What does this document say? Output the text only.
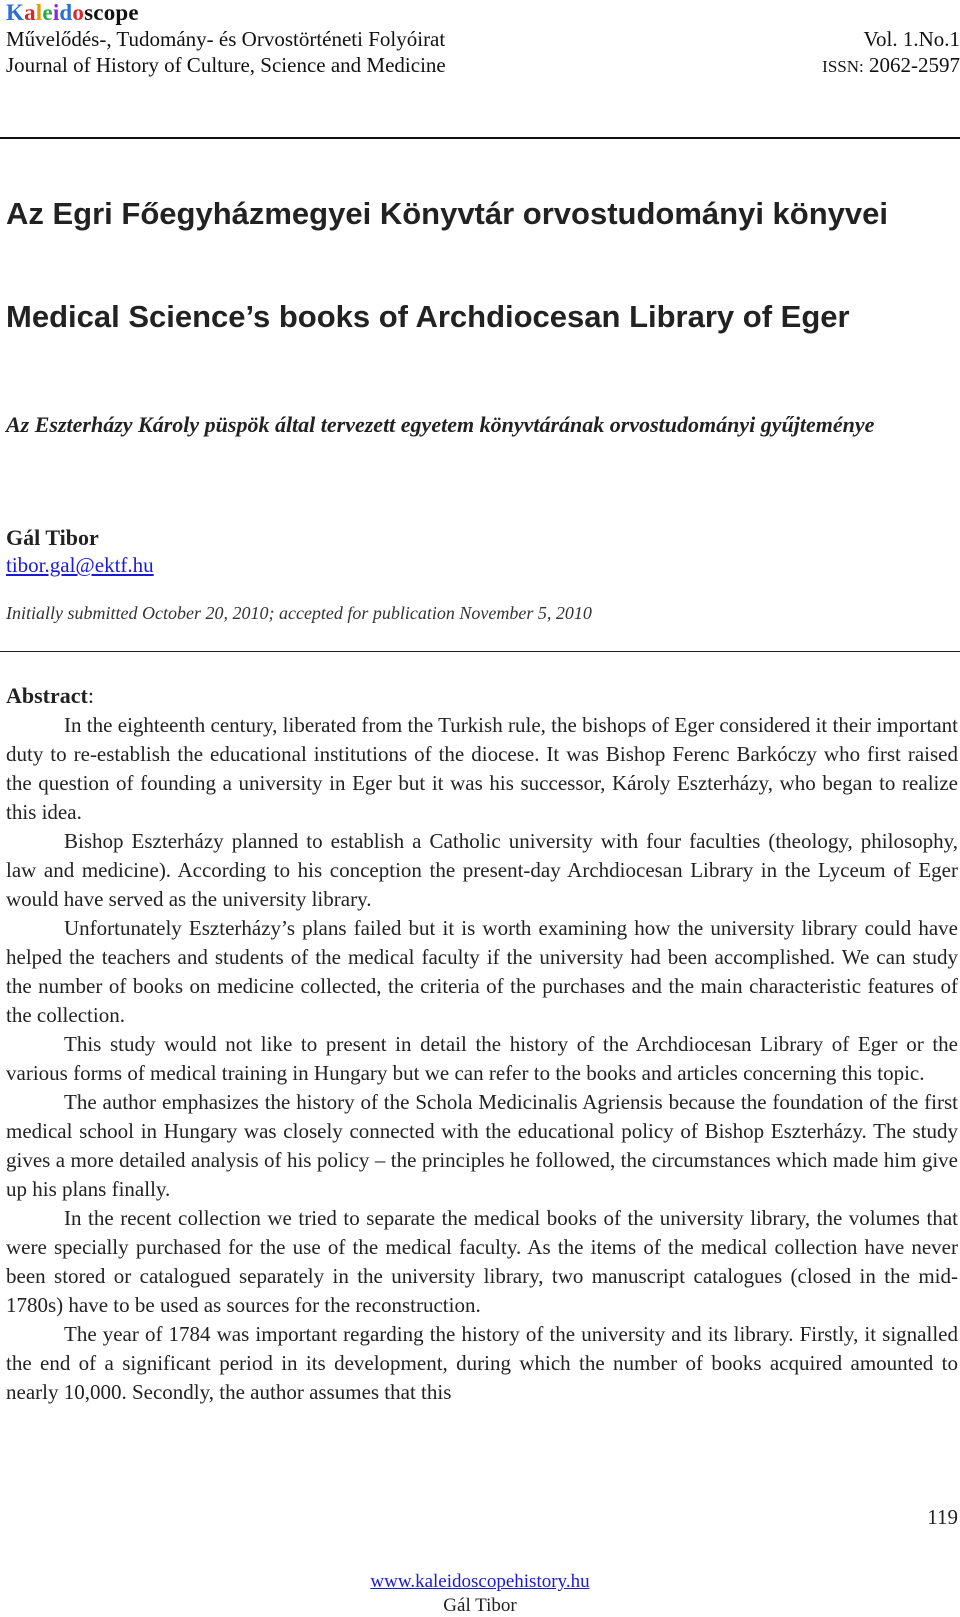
Kaleidoscope
Művelődés-, Tudomány- és Orvostörténeti Folyóirat
Journal of History of Culture, Science and Medicine
Vol. 1.No.1
ISSN: 2062-2597
Az Egri Főegyházmegyei Könyvtár orvostudományi könyvei
Medical Science’s books of Archdiocesan Library of Eger
Az Eszterházy Károly püspök által tervezett egyetem könyvtárának orvostudományi gyűjteménye
Gál Tibor
tibor.gal@ektf.hu
Initially submitted October 20, 2010; accepted for publication November 5, 2010
Abstract:

In the eighteenth century, liberated from the Turkish rule, the bishops of Eger considered it their important duty to re-establish the educational institutions of the diocese. It was Bishop Ferenc Barkóczy who first raised the question of founding a university in Eger but it was his successor, Károly Eszterházy, who began to realize this idea.

Bishop Eszterházy planned to establish a Catholic university with four faculties (theology, philosophy, law and medicine). According to his conception the present-day Archdiocesan Library in the Lyceum of Eger would have served as the university library.

Unfortunately Eszterházy’s plans failed but it is worth examining how the university library could have helped the teachers and students of the medical faculty if the university had been accomplished. We can study the number of books on medicine collected, the criteria of the purchases and the main characteristic features of the collection.

This study would not like to present in detail the history of the Archdiocesan Library of Eger or the various forms of medical training in Hungary but we can refer to the books and articles concerning this topic.

The author emphasizes the history of the Schola Medicinalis Agriensis because the foundation of the first medical school in Hungary was closely connected with the educational policy of Bishop Eszterházy. The study gives a more detailed analysis of his policy – the principles he followed, the circumstances which made him give up his plans finally.

In the recent collection we tried to separate the medical books of the university library, the volumes that were specially purchased for the use of the medical faculty. As the items of the medical collection have never been stored or catalogued separately in the university library, two manuscript catalogues (closed in the mid-1780s) have to be used as sources for the reconstruction.

The year of 1784 was important regarding the history of the university and its library. Firstly, it signalled the end of a significant period in its development, during which the number of books acquired amounted to nearly 10,000. Secondly, the author assumes that this

119
www.kaleidoscopehistory.hu
Gál Tibor
